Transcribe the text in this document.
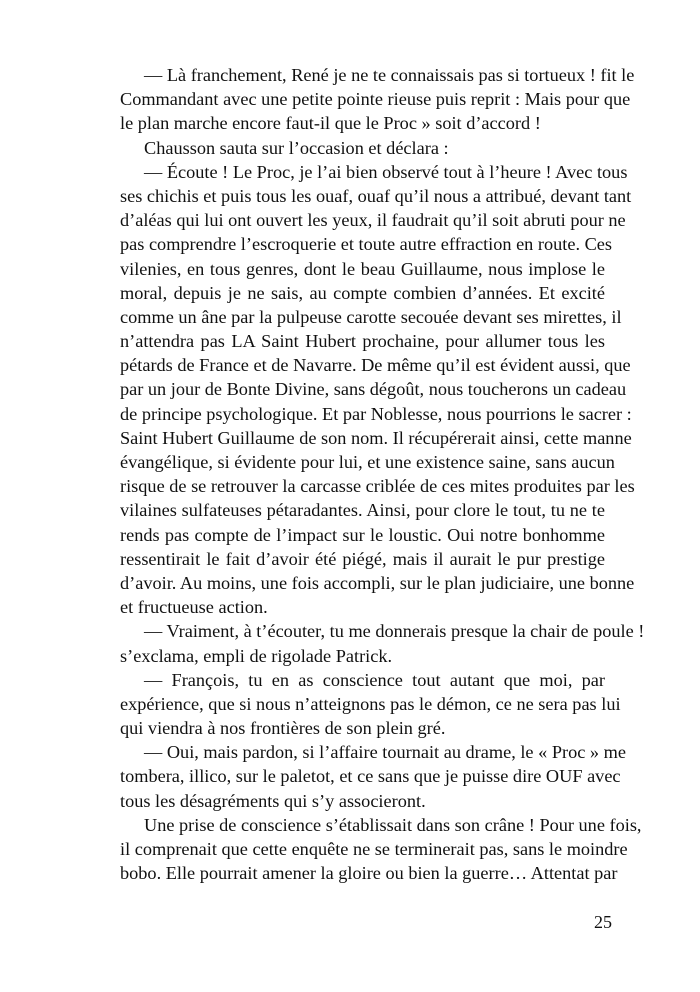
— Là franchement, René je ne te connaissais pas si tortueux ! fit le
Commandant avec une petite pointe rieuse puis reprit : Mais pour que
le plan marche encore faut-il que le Proc » soit d’accord !
Chausson sauta sur l’occasion et déclara :
— Écoute ! Le Proc, je l’ai bien observé tout à l’heure ! Avec tous
ses chichis et puis tous les ouaf, ouaf qu’il nous a attribué, devant tant
d’aléas qui lui ont ouvert les yeux, il faudrait qu’il soit abruti pour ne
pas comprendre l’escroquerie et toute autre effraction en route. Ces
vilenies, en tous genres, dont le beau Guillaume, nous implose le
moral, depuis je ne sais, au compte combien d’années. Et excité
comme un âne par la pulpeuse carotte secouée devant ses mirettes, il
n’attendra pas LA Saint Hubert prochaine, pour allumer tous les
pétards de France et de Navarre. De même qu’il est évident aussi, que
par un jour de Bonte Divine, sans dégoût, nous toucherons un cadeau
de principe psychologique. Et par Noblesse, nous pourrions le sacrer :
Saint Hubert Guillaume de son nom. Il récupérerait ainsi, cette manne
évangélique, si évidente pour lui, et une existence saine, sans aucun
risque de se retrouver la carcasse criblée de ces mites produites par les
vilaines sulfateuses pétaradantes. Ainsi, pour clore le tout, tu ne te
rends pas compte de l’impact sur le loustic. Oui notre bonhomme
ressentirait le fait d’avoir été piégé, mais il aurait le pur prestige
d’avoir. Au moins, une fois accompli, sur le plan judiciaire, une bonne
et fructueuse action.
— Vraiment, à t’écouter, tu me donnerais presque la chair de poule !
s’exclama, empli de rigolade Patrick.
— François, tu en as conscience tout autant que moi, par
expérience, que si nous n’atteignons pas le démon, ce ne sera pas lui
qui viendra à nos frontières de son plein gré.
— Oui, mais pardon, si l’affaire tournait au drame, le « Proc » me
tombera, illico, sur le paletot, et ce sans que je puisse dire OUF avec
tous les désagréments qui s’y associeront.
Une prise de conscience s’établissait dans son crâne ! Pour une fois,
il comprenait que cette enquête ne se terminerait pas, sans le moindre
bobo. Elle pourrait amener la gloire ou bien la guerre… Attentat par
25
